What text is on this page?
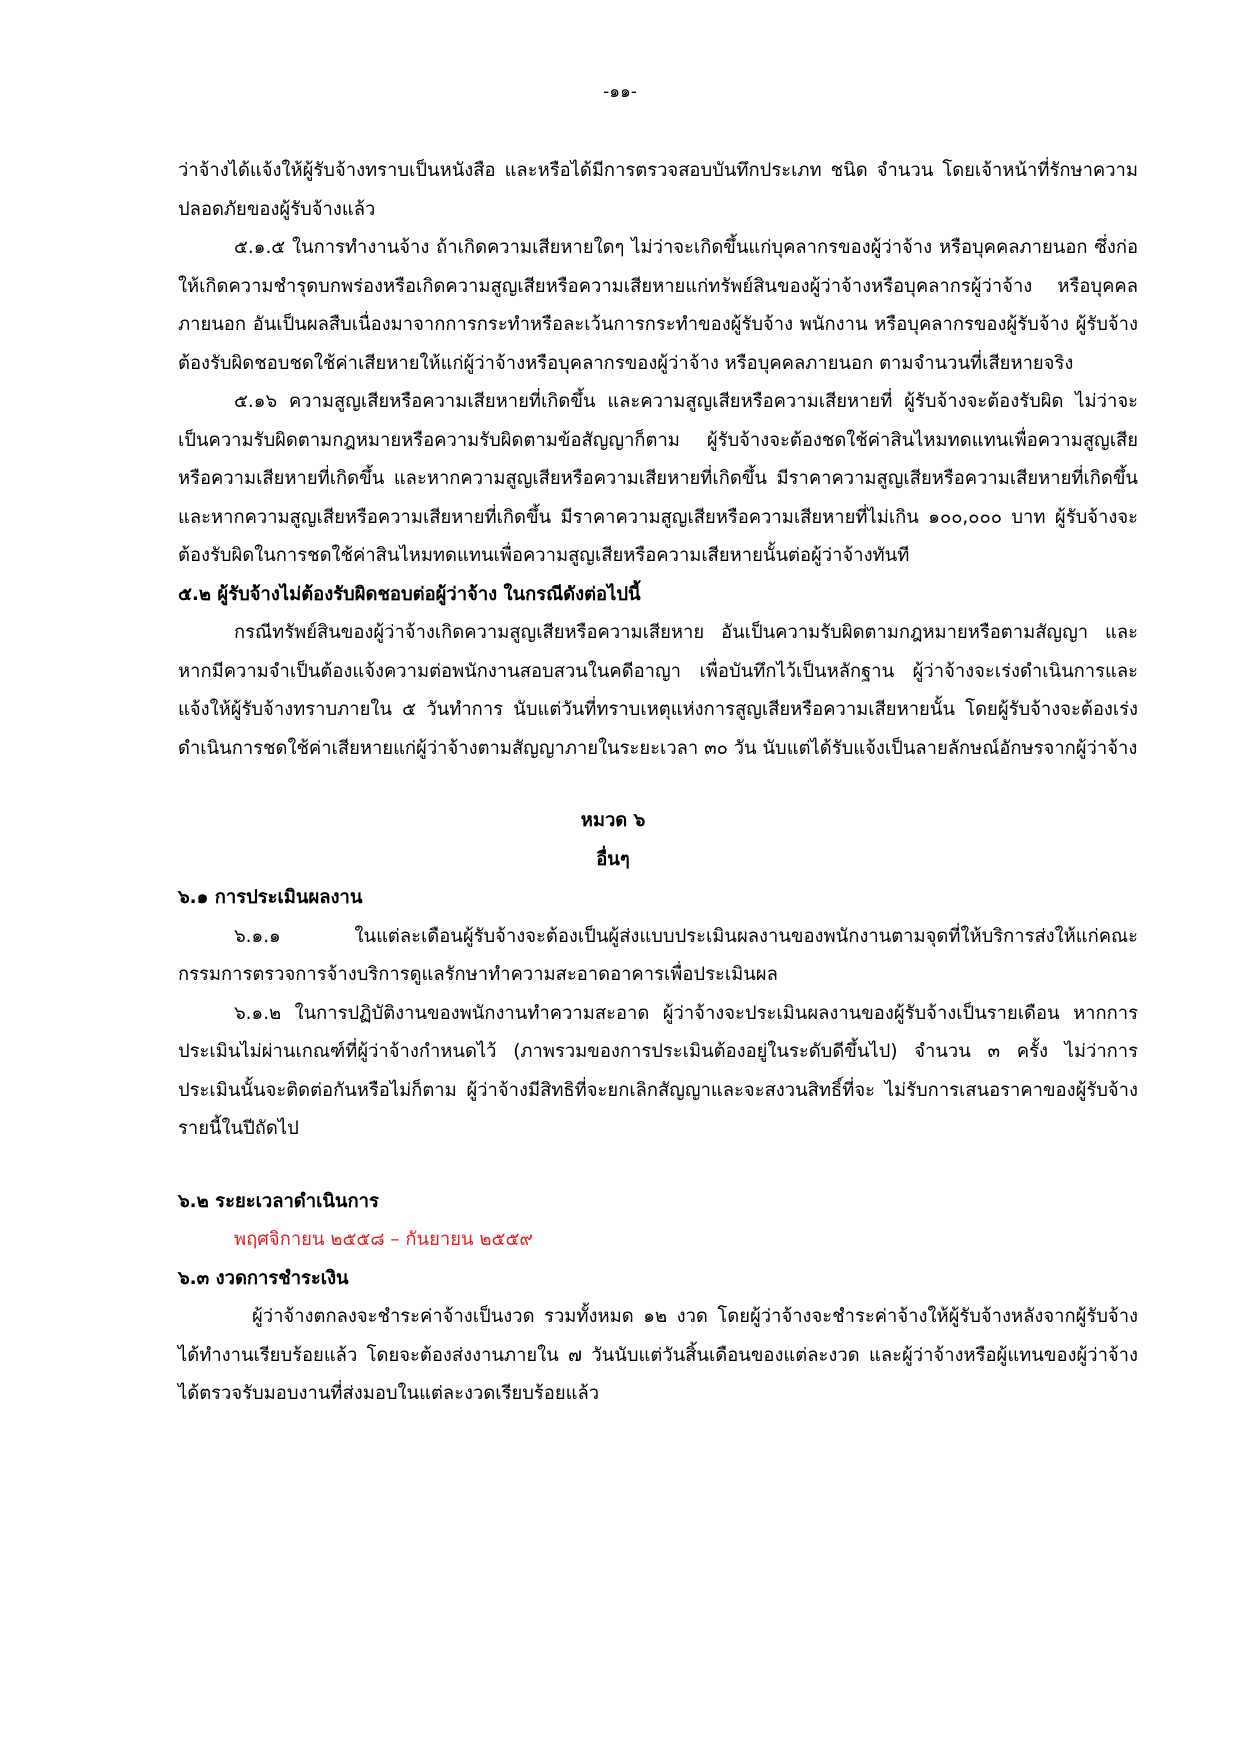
-๑๑-

ว่าจ้างได้แจ้งให้ผู้รับจ้างทราบเป็นหนังสือ และหรือได้มีการตรวจสอบบันทึกประเภท ชนิด จำนวน โดยเจ้าหน้าที่รักษาความปลอดภัยของผู้รับจ้างแล้ว

๕.๑.๕ ในการทำงานจ้าง ถ้าเกิดความเสียหายใดๆ ไม่ว่าจะเกิดขึ้นแก่บุคลากรของผู้ว่าจ้าง หรือบุคคลภายนอก ซึ่งก่อให้เกิดความชำรุดบกพร่องหรือเกิดความสูญเสียหรือความเสียหายแก่ทรัพย์สินของผู้ว่าจ้างหรือบุคลากรผู้ว่าจ้าง หรือบุคคลภายนอก อันเป็นผลสืบเนื่องมาจากการกระทำหรือละเว้นการกระทำของผู้รับจ้าง พนักงาน หรือบุคลากรของผู้รับจ้าง ผู้รับจ้างต้องรับผิดชอบชดใช้ค่าเสียหายให้แก่ผู้ว่าจ้างหรือบุคลากรของผู้ว่าจ้าง หรือบุคคลภายนอก ตามจำนวนที่เสียหายจริง

๕.๑๖ ความสูญเสียหรือความเสียหายที่เกิดขึ้น และความสูญเสียหรือความเสียหายที่ ผู้รับจ้างจะต้องรับผิด ไม่ว่าจะเป็นความรับผิดตามกฎหมายหรือความรับผิดตามข้อสัญญาก็ตาม ผู้รับจ้างจะต้องชดใช้ค่าสินไหมทดแทนเพื่อความสูญเสีย หรือความเสียหายที่เกิดขึ้น และหากความสูญเสียหรือความเสียหายที่เกิดขึ้น มีราคาความสูญเสียหรือความเสียหายที่เกิดขึ้น และหากความสูญเสียหรือความเสียหายที่เกิดขึ้น มีราคาความสูญเสียหรือความเสียหายที่ไม่เกิน ๑๐๐,๐๐๐ บาท ผู้รับจ้างจะต้องรับผิดในการชดใช้ค่าสินไหมทดแทนเพื่อความสูญเสียหรือความเสียหายนั้นต่อผู้ว่าจ้างทันที

๕.๒ ผู้รับจ้างไม่ต้องรับผิดชอบต่อผู้ว่าจ้าง ในกรณีดังต่อไปนี้

กรณีทรัพย์สินของผู้ว่าจ้างเกิดความสูญเสียหรือความเสียหาย อันเป็นความรับผิดตามกฎหมายหรือตามสัญญา และหากมีความจำเป็นต้องแจ้งความต่อพนักงานสอบสวนในคดีอาญา เพื่อบันทึกไว้เป็นหลักฐาน ผู้ว่าจ้างจะเร่งดำเนินการและแจ้งให้ผู้รับจ้างทราบภายใน ๕ วันทำการ นับแต่วันที่ทราบเหตุแห่งการสูญเสียหรือความเสียหายนั้น โดยผู้รับจ้างจะต้องเร่งดำเนินการชดใช้ค่าเสียหายแก่ผู้ว่าจ้างตามสัญญาภายในระยะเวลา ๓๐ วัน นับแต่ได้รับแจ้งเป็นลายลักษณ์อักษรจากผู้ว่าจ้าง

หมวด ๖

อื่นๆ

๖.๑ การประเมินผลงาน

๖.๑.๑ ในแต่ละเดือนผู้รับจ้างจะต้องเป็นผู้ส่งแบบประเมินผลงานของพนักงานตามจุดที่ให้บริการส่งให้แก่คณะกรรมการตรวจการจ้างบริการดูแลรักษาทำความสะอาดอาคารเพื่อประเมินผล

๖.๑.๒ ในการปฏิบัติงานของพนักงานทำความสะอาด ผู้ว่าจ้างจะประเมินผลงานของผู้รับจ้างเป็นรายเดือน หากการประเมินไม่ผ่านเกณฑ์ที่ผู้ว่าจ้างกำหนดไว้ (ภาพรวมของการประเมินต้องอยู่ในระดับดีขึ้นไป) จำนวน ๓ ครั้ง ไม่ว่าการประเมินนั้นจะติดต่อกันหรือไม่ก็ตาม ผู้ว่าจ้างมีสิทธิที่จะยกเลิกสัญญาและจะสงวนสิทธิ์ที่จะ ไม่รับการเสนอราคาของผู้รับจ้างรายนี้ในปีถัดไป

๖.๒ ระยะเวลาดำเนินการ

พฤศจิกายน ๒๕๕๘ – กันยายน ๒๕๕๙

๖.๓ งวดการชำระเงิน

ผู้ว่าจ้างตกลงจะชำระค่าจ้างเป็นงวด รวมทั้งหมด ๑๒ งวด โดยผู้ว่าจ้างจะชำระค่าจ้างให้ผู้รับจ้างหลังจากผู้รับจ้างได้ทำงานเรียบร้อยแล้ว โดยจะต้องส่งงานภายใน ๗ วันนับแต่วันสิ้นเดือนของแต่ละงวด และผู้ว่าจ้างหรือผู้แทนของผู้ว่าจ้างได้ตรวจรับมอบงานที่ส่งมอบในแต่ละงวดเรียบร้อยแล้ว
